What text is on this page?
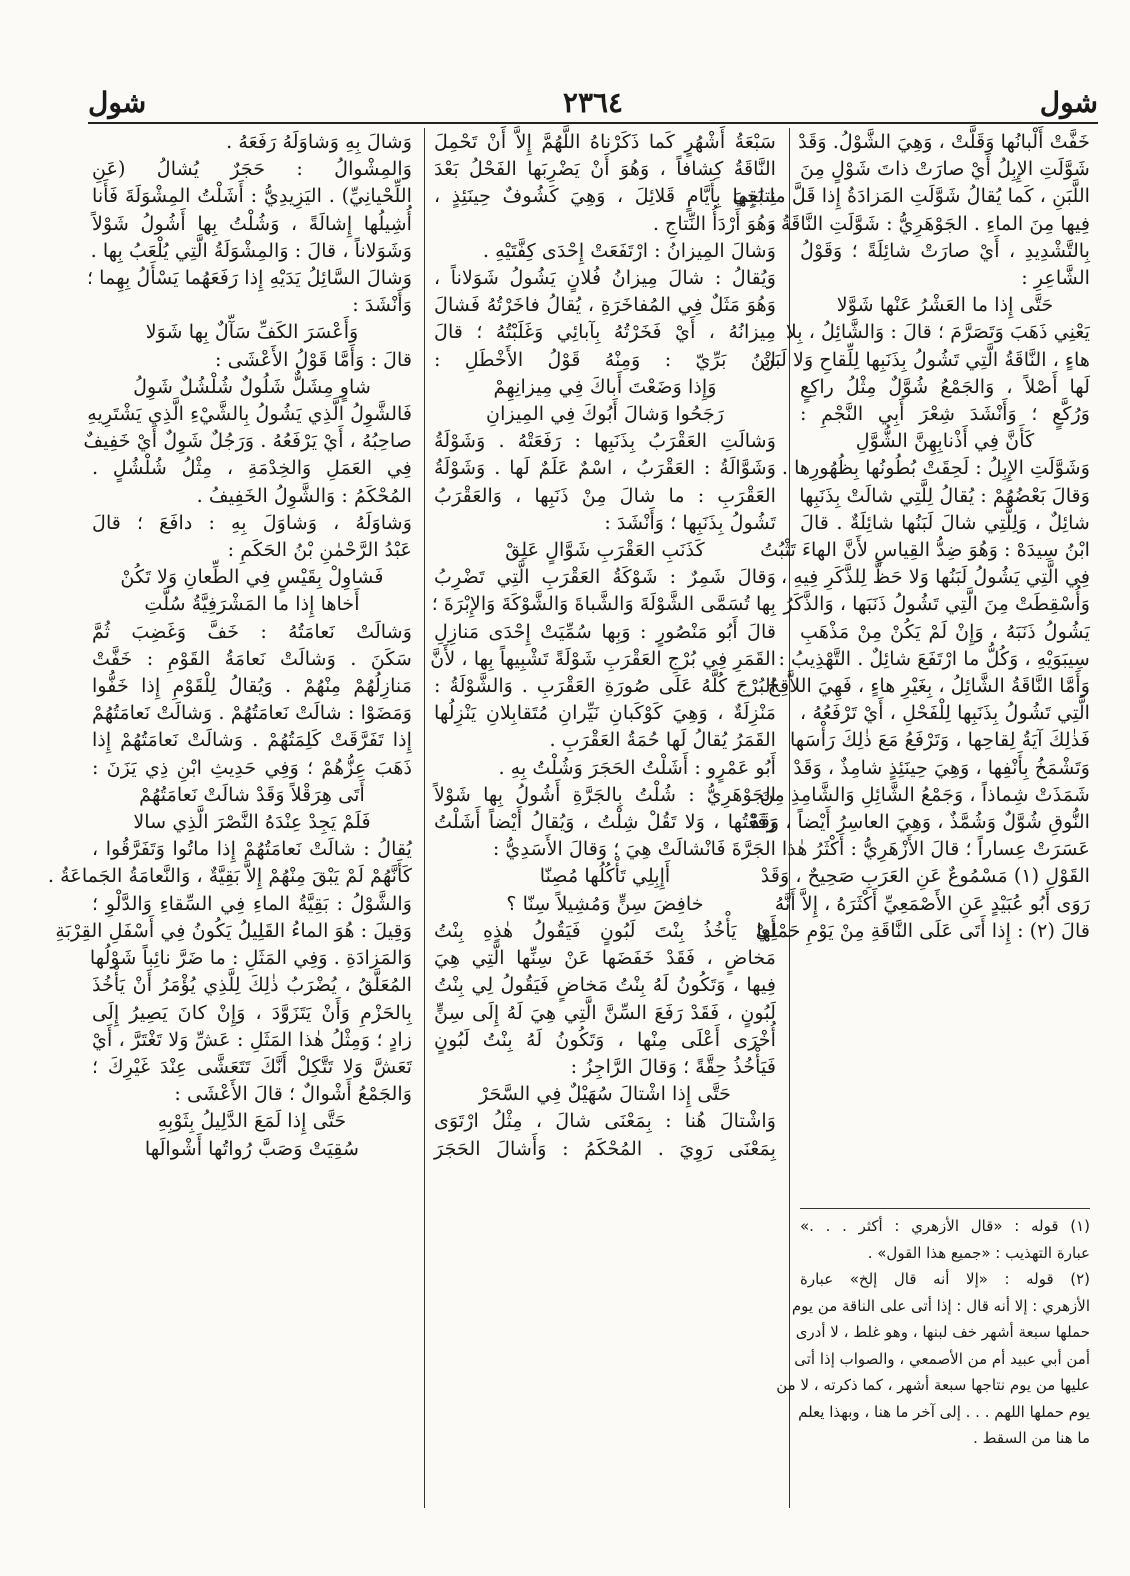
شول
٢٣٦٤
شول
خَفَّتْ أَلْبانُها وَقَلَّتْ ، وَهِيَ الشَّوْلُ. وَقَدْ
شَوَّلَتِ الإِبِلُ أَيْ صارَتْ ذاتَ شَوْلٍ مِنَ
اللَّبَنِ ، كَما يُقالُ شَوَّلَتِ المَزادَةُ إِذا قَلَّ ما بَقِيَ
فِيها مِنَ الماءِ . الجَوْهَرِيُّ : شَوَّلَتِ النَّاقَةُ ،
بِالتَّشْدِيدِ ، أَيْ صارَتْ شائِلَةً ؛ وَقَوْلُ
الشَّاعِرِ :
حَتَّى إِذا ما العَشْرُ عَنْها شَوَّلا
يَعْنِي ذَهَبَ وَتَصَرَّمَ ؛ قالَ : وَالشَّائِلُ ، بِلا
هاءٍ ، النَّاقَةُ الَّتِي تَشُولُ بِذَنَبِها لِلِّقاحِ وَلا لَبَنَ
لَها أَصْلاً ، وَالجَمْعُ شُوَّلٌ مِثْلُ راكِعٍ
وَرُكَّعٍ ؛ وَأَنْشَدَ شِعْرَ أَبِي النَّجْمِ :
كَأَنَّ فِي أَذْنابِهِنَّ الشُّوَّلِ
وَشَوَّلَتِ الإِبِلُ : لَحِقَتْ بُطُونُها بِظُهُورِها .
وَقالَ بَعْضُهُمْ : يُقالُ لِلَّتِي شالَتْ بِذَنَبِها
شائِلٌ ، وَلِلَّتِي شالَ لَبَنُها شائِلَةٌ . قالَ
ابْنُ سِيدَهْ : وَهُوَ ضِدُّ القِياسِ لأَنَّ الهاءَ تَثْبُتُ
فِي الَّتِي يَشُولُ لَبَنُها وَلا حَظَّ لِلذَّكَرِ فِيهِ ،
وَأُسْقِطَتْ مِنَ الَّتِي تَشُولُ ذَنَبَها ، وَالذَّكَرُ
يَشُولُ ذَنَبَهُ ، وَإِنْ لَمْ يَكُنْ مِنْ مَذْهَبِ
سِيبَوَيْهِ ، وَكُلُّ ما ارْتَفَعَ شائِلٌ . التَّهْذِيبُ :
وَأَمَّا النَّاقَةُ الشَّائِلُ ، بِغَيْرِ هاءٍ ، فَهِيَ اللاَّقِحُ
الَّتِي تَشُولُ بِذَنَبِها لِلْفَحْلِ ، أَيْ تَرْفَعُهُ ،
فَذٰلِكَ آيَةُ لِقاحِها ، وَتَرْفَعُ مَعَ ذٰلِكَ رَأْسَها
وَتَشْمَخُ بِأَنْفِها ، وَهِيَ حِينَئِذٍ شامِذٌ ، وَقَدْ
شَمَذَتْ شِماذاً ، وَجَمْعُ الشَّائِلِ وَالشَّامِذِ مِنَ
النُّوقِ شُوَّلٌ وَشُمَّذٌ ، وَهِيَ العاسِرُ أَيْضاً ، وَقَدْ
عَسَرَتْ عِساراً ؛ قالَ الأَزْهَرِيُّ : أَكْثَرُ هٰذا
القَوْلِ (١) مَسْمُوعٌ عَنِ العَرَبِ صَحِيحٌ ، وَقَدْ
رَوَى أَبُو عُبَيْدٍ عَنِ الأَصْمَعِيِّ أَكْثَرَهُ ، إِلاَّ أَنَّهُ
قالَ (٢) : إِذا أَتَى عَلَى النَّاقَةِ مِنْ يَوْمِ حَمْلِها
سَبْعَةُ أَشْهُرٍ كَما ذَكَرْناهُ اللَّهُمَّ إِلاَّ أَنْ تَحْمِلَ
النَّاقَةُ كِشافاً ، وَهُوَ أَنْ يَضْرِبَها الفَحْلُ بَعْدَ
نِتاجِها بِأَيَّامٍ قَلائِلَ ، وَهِيَ كَشُوفٌ حِينَئِذٍ ،
وَهُوَ أَرْدَأُ النِّتاجِ .
وَشالَ المِيزانُ : ارْتَفَعَتْ إِحْدَى كِفَّتَيْهِ .
وَيُقالُ : شالَ مِيزانُ فُلانٍ يَشُولُ شَوَلاناً ،
وَهُوَ مَثَلٌ فِي المُفاخَرَةِ ، يُقالُ فاخَرْتُهُ فَشالَ
مِيزانُهُ ، أَيْ فَخَرْتُهُ بِآبائِي وَغَلَبْتُهُ ؛ قالَ
ابْنُ بَرِّيّ : وَمِنْهُ قَوْلُ الأَخْطَلِ :
وَإِذا وَضَعْتَ أَباكَ فِي مِيزانِهِمْ
رَجَحُوا وَشالَ أَبُوكَ فِي المِيزانِ
وَشالَتِ العَقْرَبُ بِذَنَبِها : رَفَعَتْهُ . وَشَوْلَةُ
وَشَوَّالَةُ : العَقْرَبُ ، اسْمٌ عَلَمٌ لَها . وَشَوْلَةُ
العَقْرَبِ : ما شالَ مِنْ ذَنَبِها ، وَالعَقْرَبُ
تَشُولُ بِذَنَبِها ؛ وَأَنْشَدَ :
كَذَنَبِ العَقْرَبِ شَوَّالٍ عَلِقْ
وَقالَ شَمِرٌ : شَوْكَةُ العَقْرَبِ الَّتِي تَضْرِبُ
بِها تُسَمَّى الشَّوْلَةَ وَالشَّباةَ وَالشَّوْكَةَ وَالإِبْرَةَ ؛
قالَ أَبُو مَنْصُورٍ : وَبِها سُمِّيَتْ إِحْدَى مَنازِلِ
القَمَرِ فِي بُرْجِ العَقْرَبِ شَوْلَةً تَشْبِيهاً بِها ، لأَنَّ
البُرْجَ كُلَّهُ عَلَى صُورَةِ العَقْرَبِ . وَالشَّوْلَةُ :
مَنْزِلَةٌ ، وَهِيَ كَوْكَبانِ نَيِّرانِ مُتَقابِلانِ يَنْزِلُها
القَمَرُ يُقالُ لَها حُمَةُ العَقْرَبِ .
أَبُو عَمْرٍو : أَشَلْتُ الحَجَرَ وَشُلْتُ بِهِ .
الجَوْهَرِيُّ : شُلْتُ بِالجَرَّةِ أَشُولُ بِها شَوْلاً
رَفَعْتُها ، وَلا تَقُلْ شِلْتُ ، وَيُقالُ أَيْضاً أَشَلْتُ
الجَرَّةَ فَانْشالَتْ هِيَ ؛ وَقالَ الأَسَدِيُّ :
أَإِبِلِي تَأْكُلُها مُصِنّا
خافِضَ سِنٍّ وَمُشِيلاً سِنّا ؟
أَيْ يَأْخُذُ بِنْتَ لَبُونٍ فَيَقُولُ هٰذِهِ بِنْتُ
مَخاضٍ ، فَقَدْ خَفَضَها عَنْ سِنِّها الَّتِي هِيَ
فِيها ، وَتَكُونُ لَهُ بِنْتُ مَخاضٍ فَيَقُولُ لِي بِنْتُ
لَبُونٍ ، فَقَدْ رَفَعَ السِّنَّ الَّتِي هِيَ لَهُ إِلَى سِنٍّ
أُخْرَى أَعْلَى مِنْها ، وَتَكُونُ لَهُ بِنْتُ لَبُونٍ
فَيَأْخُذُ حِقَّةً ؛ وَقالَ الرَّاجِزُ :
حَتَّى إِذا اشْتالَ سُهَيْلٌ فِي السَّحَرْ
وَاشْتالَ هُنا : بِمَعْنَى شالَ ، مِثْلُ ارْتَوَى
بِمَعْنَى رَوِيَ . المُحْكَمُ : وَأَشالَ الحَجَرَ
وَشالَ بِهِ وَشاوَلَهُ رَفَعَهُ .
وَالمِشْوالُ : حَجَرٌ يُشالُ (عَنِ
اللِّحْيانِيِّ) . اليَزِيدِيُّ : أَشَلْتُ المِشْوَلَةَ فَأَنا
أُشِيلُها إِشالَةً ، وَشُلْتُ بِها أَشُولُ شَوْلاً
وَشَوَلاناً ، قالَ : وَالمِشْوَلَةُ الَّتِي يُلْعَبُ بِها .
وَشالَ السَّائِلُ يَدَيْهِ إِذا رَفَعَهُما يَسْأَلُ بِهِما ؛
وَأَنْشَدَ :
وَأَعْسَرَ الكَفِّ سَآّلٌ بِها شَوَلا
قالَ : وَأَمَّا قَوْلُ الأَعْشَى :
شاوٍ مِشَلٌّ شَلُولٌ شُلْشُلٌ شَوِلُ
فَالشَّوِلُ الَّذِي يَشُولُ بِالشَّيْءِ الَّذِي يَشْتَرِيهِ
صاحِبُهُ ، أَيْ يَرْفَعُهُ . وَرَجُلٌ شَوِلٌ أَيْ خَفِيفٌ
فِي العَمَلِ وَالخِدْمَةِ ، مِثْلُ شُلْشُلٍ .
المُحْكَمُ : وَالشَّوِلُ الخَفِيفُ .
وَشاوَلَهُ ، وَشاوَلَ بِهِ : دافَعَ ؛ قالَ
عَبْدُ الرَّحْمٰنِ بْنُ الحَكَمِ :
فَشاوِلْ بِقَيْسٍ فِي الطِّعانِ وَلا تَكُنْ
أَخاها إِذا ما المَشْرَفِيَّةُ سُلَّتِ
وَشالَتْ نَعامَتُهُ : خَفَّ وَغَضِبَ ثُمَّ
سَكَنَ . وَشالَتْ نَعامَةُ القَوْمِ : خَفَّتْ
مَنازِلُهُمْ مِنْهُمْ . وَيُقالُ لِلْقَوْمِ إِذا خَفُّوا
وَمَضَوْا : شالَتْ نَعامَتُهُمْ . وَشالَتْ نَعامَتُهُمْ
إِذا تَفَرَّقَتْ كَلِمَتُهُمْ . وَشالَتْ نَعامَتُهُمْ إِذا
ذَهَبَ عِزُّهُمْ ؛ وَفِي حَدِيثِ ابْنِ ذِي يَزَنَ :
أَتَى هِرَقْلاً وَقَدْ شالَتْ نَعامَتُهُمْ
فَلَمْ يَجِدْ عِنْدَهُ النَّصْرَ الَّذِي سالا
يُقالُ : شالَتْ نَعامَتُهُمْ إِذا ماتُوا وَتَفَرَّقُوا ،
كَأَنَّهُمْ لَمْ يَبْقَ مِنْهُمْ إِلاَّ بَقِيَّةٌ ، وَالنَّعامَةُ الجَماعَةُ .
وَالشَّوْلُ : بَقِيَّةُ الماءِ فِي السِّقاءِ وَالدَّلْوِ ؛
وَقِيلَ : هُوَ الماءُ القَلِيلُ يَكُونُ فِي أَسْفَلِ القِرْبَةِ
وَالمَزادَةِ . وَفِي المَثَلِ : ما ضَرَّ نائِباً شَوْلُها
المُعَلَّقُ ، يُضْرَبُ ذٰلِكَ لِلَّذِي يُؤْمَرُ أَنْ يَأْخُذَ
بِالحَزْمِ وَأَنْ يَتَزَوَّدَ ، وَإِنْ كانَ يَصِيرُ إِلَى
زادٍ ؛ وَمِثْلُ هٰذا المَثَلِ : عَشِّ وَلا تَغْتَرَّ ، أَيْ
تَعَشَّ وَلا تَتَّكِلْ أَنَّكَ تَتَعَشَّى عِنْدَ غَيْرِكَ ؛
وَالجَمْعُ أَشْوالٌ ؛ قالَ الأَعْشَى :
حَتَّى إِذا لَمَعَ الدَّلِيلُ بِثَوْبِهِ
سُقِيَتْ وَصَبَّ رُواتُها أَشْوالَها
(١) قوله : «قال الأزهري : أكثر . . .»
عبارة التهذيب : «جميع هذا القول» .
(٢) قوله : «إلا أنه قال إلخ» عبارة
الأزهري : إلا أنه قال : إذا أتى على الناقة من يوم
حملها سبعة أشهر خف لبنها ، وهو غلط ، لا أدرى
أمن أبي عبيد أم من الأصمعي ، والصواب إذا أتى
عليها من يوم نتاجها سبعة أشهر ، كما ذكرته ، لا من
يوم حملها اللهم . . . إلى آخر ما هنا ، وبهذا يعلم
ما هنا من السقط .
